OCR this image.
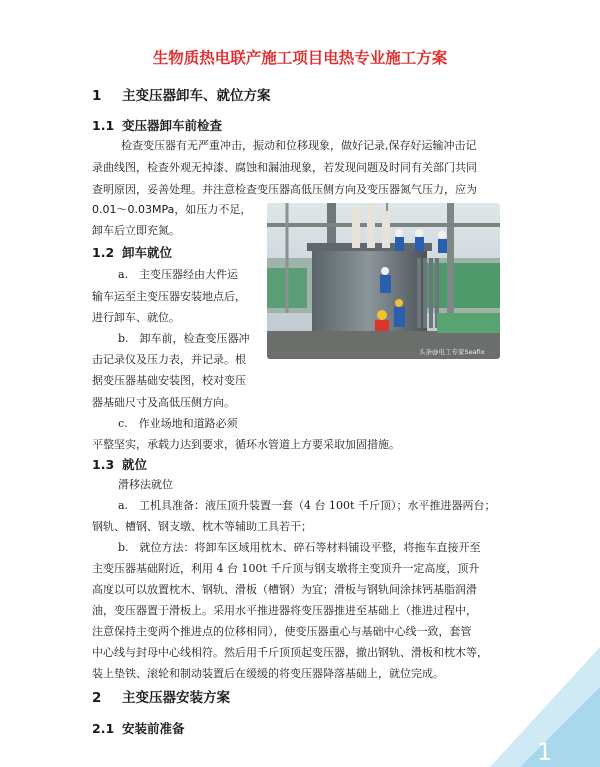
生物质热电联产施工项目电热专业施工方案
1 主变压器卸车、就位方案
1.1 变压器卸车前检查
检查变压器有无严重冲击，振动和位移现象，做好记录,保存好运输冲击记
录曲线图，检查外观无掉漆、腐蚀和漏油现象，若发现问题及时同有关部门共同
查明原因，妥善处理。并注意检查变压器高低压侧方向及变压器氮气压力，应为
0.01～0.03MPa，如压力不足，
卸车后立即充氮。
1.2 卸车就位
a.　主变压器经由大件运
输车运至主变压器安装地点后，
进行卸车、就位。
b.　卸车前，检查变压器冲
击记录仪及压力表，并记录。根
据变压器基础安装图，校对变压
器基础尺寸及高低压侧方向。
c.　作业场地和道路必须
平整坚实，承载力达到要求，循环水管道上方要采取加固措施。
头条@电工专家Seafix
1.3 就位
滑移法就位
a.　工机具准备：液压顶升装置一套（4 台 100t 千斤顶）；水平推进器两台；
钢轨、槽钢、钢支墩、枕木等辅助工具若干；
b.　就位方法：将卸车区域用枕木、碎石等材料铺设平整，将拖车直接开至
主变压器基础附近，利用 4 台 100t 千斤顶与钢支墩将主变顶升一定高度，顶升
高度以可以放置枕木、钢轨、滑板（槽钢）为宜；滑板与钢轨间涂抹钙基脂润滑
油，变压器置于滑板上。采用水平推进器将变压器推进至基础上（推进过程中，
注意保持主变两个推进点的位移相同），使变压器重心与基础中心线一致，套管
中心线与封母中心线相符。然后用千斤顶顶起变压器，撤出钢轨、滑板和枕木等，
装上垫铁、滚轮和制动装置后在缓缓的将变压器降落基础上，就位完成。
2 主变压器安装方案
2.1 安装前准备
1
